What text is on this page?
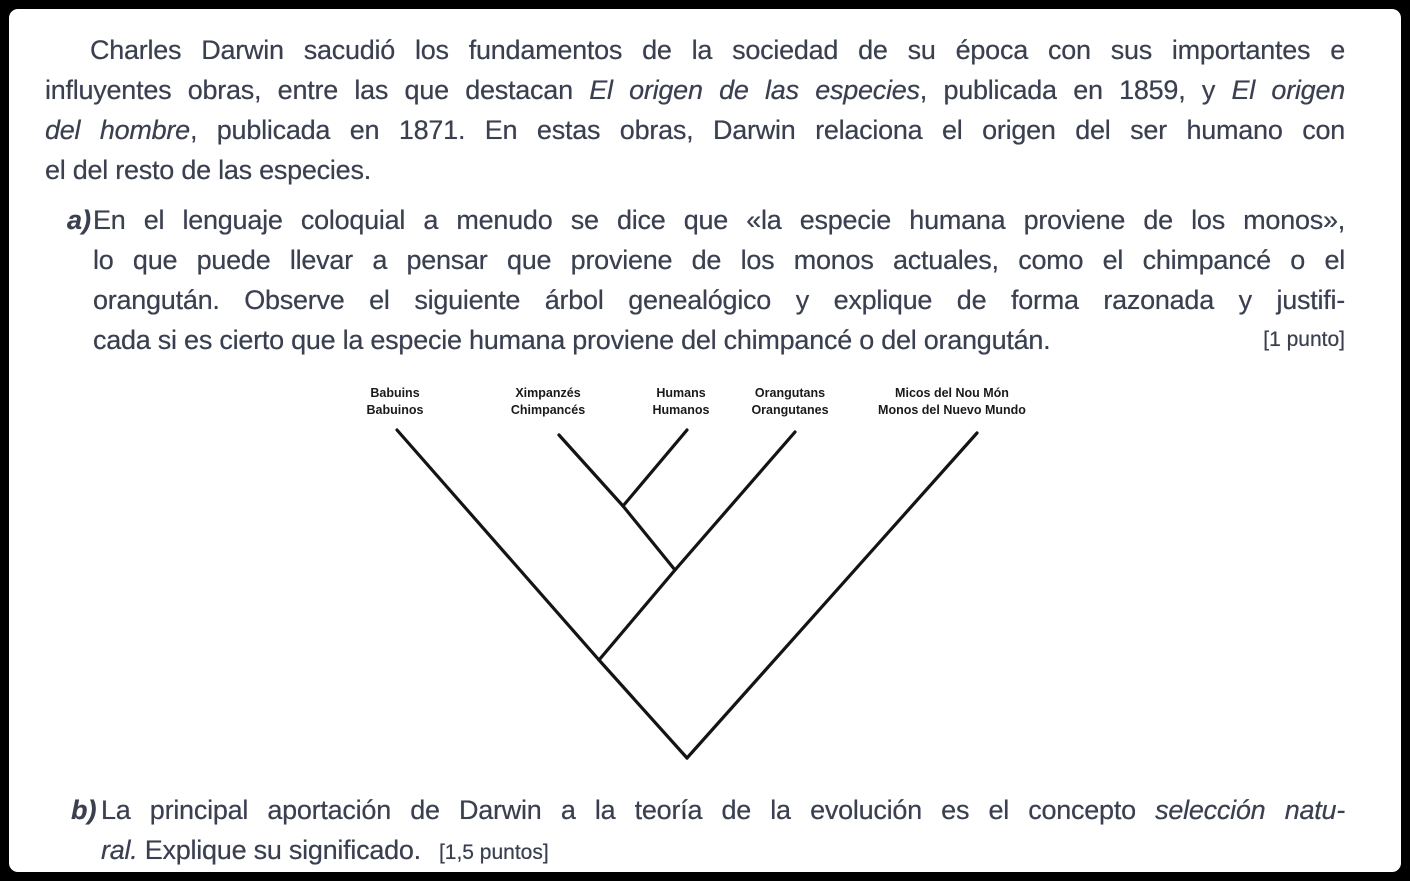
Charles Darwin sacudió los fundamentos de la sociedad de su época con sus importantes e
influyentes obras, entre las que destacan El origen de las especies, publicada en 1859, y El origen
del hombre, publicada en 1871. En estas obras, Darwin relaciona el origen del ser humano con
el del resto de las especies.
a) En el lenguaje coloquial a menudo se dice que «la especie humana proviene de los monos»,
lo que puede llevar a pensar que proviene de los monos actuales, como el chimpancé o el
orangután. Observe el siguiente árbol genealógico y explique de forma razonada y justifi-
[1 punto]
cada si es cierto que la especie humana proviene del chimpancé o del orangután.
b) La principal aportación de Darwin a la teoría de la evolución es el concepto selección natu-
ral. Explique su significado. [1,5 puntos]
Babuins
Babuinos
Ximpanzés
Chimpancés
Humans
Humanos
Orangutans
Orangutanes
Micos del Nou Món
Monos del Nuevo Mundo
